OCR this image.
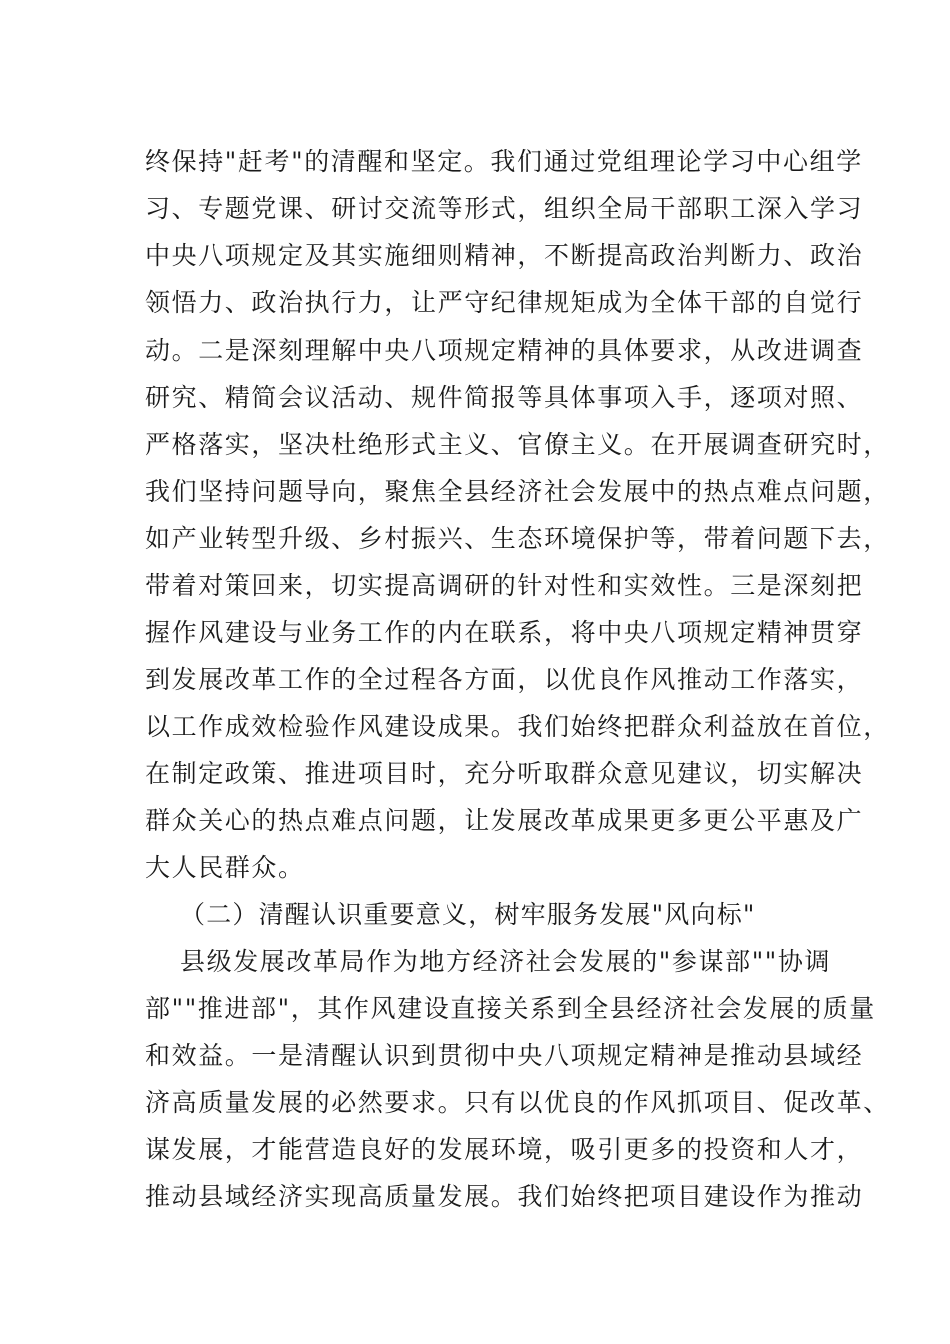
终保持"赶考"的清醒和坚定。我们通过党组理论学习中心组学
习、专题党课、研讨交流等形式，组织全局干部职工深入学习
中央八项规定及其实施细则精神，不断提高政治判断力、政治
领悟力、政治执行力，让严守纪律规矩成为全体干部的自觉行
动。二是深刻理解中央八项规定精神的具体要求，从改进调查
研究、精简会议活动、规件简报等具体事项入手，逐项对照、
严格落实，坚决杜绝形式主义、官僚主义。在开展调查研究时，
我们坚持问题导向，聚焦全县经济社会发展中的热点难点问题，
如产业转型升级、乡村振兴、生态环境保护等，带着问题下去，
带着对策回来，切实提高调研的针对性和实效性。三是深刻把
握作风建设与业务工作的内在联系，将中央八项规定精神贯穿
到发展改革工作的全过程各方面，以优良作风推动工作落实，
以工作成效检验作风建设成果。我们始终把群众利益放在首位，
在制定政策、推进项目时，充分听取群众意见建议，切实解决
群众关心的热点难点问题，让发展改革成果更多更公平惠及广
大人民群众。
（二）清醒认识重要意义，树牢服务发展"风向标"
县级发展改革局作为地方经济社会发展的"参谋部""协调
部""推进部"，其作风建设直接关系到全县经济社会发展的质量
和效益。一是清醒认识到贯彻中央八项规定精神是推动县域经
济高质量发展的必然要求。只有以优良的作风抓项目、促改革、
谋发展，才能营造良好的发展环境，吸引更多的投资和人才，
推动县域经济实现高质量发展。我们始终把项目建设作为推动
